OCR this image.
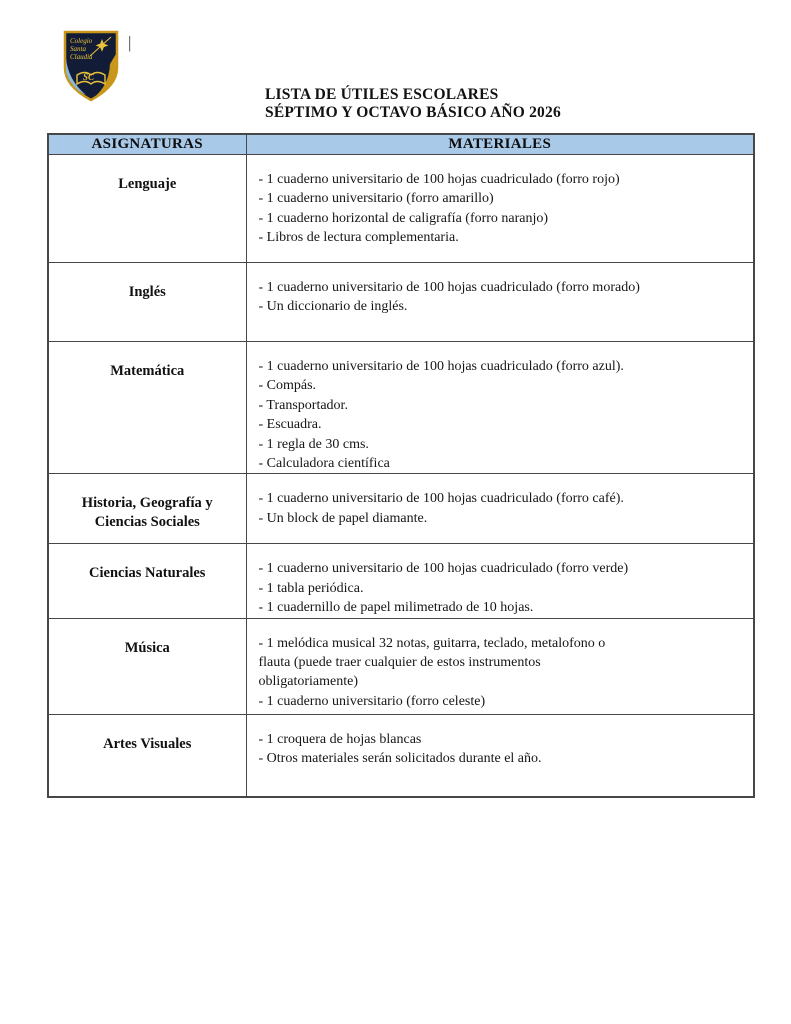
SC
Colegio
Santa
Claudia
|
LISTA DE ÚTILES ESCOLARES
SÉPTIMO Y OCTAVO BÁSICO AÑO 2026
ASIGNATURAS	MATERIALES
Lenguaje	- 1 cuaderno universitario de 100 hojas cuadriculado (forro rojo)
- 1 cuaderno universitario (forro amarillo)
- 1 cuaderno horizontal de caligrafía (forro naranjo)
- Libros de lectura complementaria.

Inglés	- 1 cuaderno universitario de 100 hojas cuadriculado (forro morado)
- Un diccionario de inglés.

Matemática	- 1 cuaderno universitario de 100 hojas cuadriculado (forro azul).
- Compás.
- Transportador.
- Escuadra.
- 1 regla de 30 cms.
- Calculadora científica

Historia, Geografía y Ciencias Sociales	- 1 cuaderno universitario de 100 hojas cuadriculado (forro café).
- Un block de papel diamante.

Ciencias Naturales	- 1 cuaderno universitario de 100 hojas cuadriculado (forro verde)
- 1 tabla periódica.
- 1 cuadernillo de papel milimetrado de 10 hojas.

Música	- 1 melódica musical 32 notas, guitarra, teclado, metalofono o
flauta (puede traer cualquier de estos instrumentos
obligatoriamente)
- 1 cuaderno universitario (forro celeste)

Artes Visuales	- 1 croquera de hojas blancas
- Otros materiales serán solicitados durante el año.
